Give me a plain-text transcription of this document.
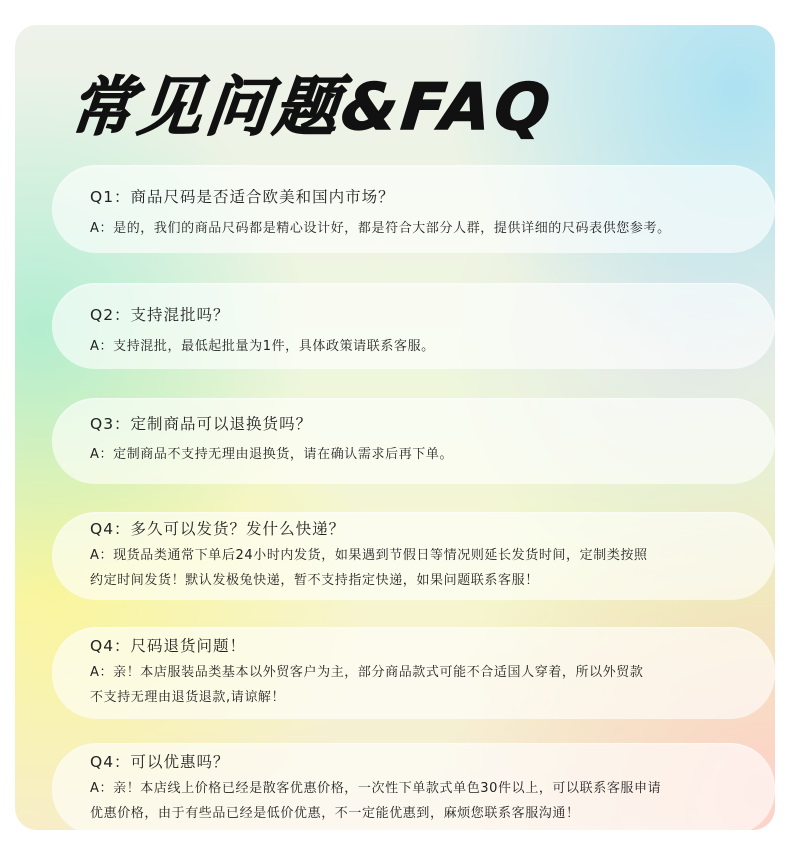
常见问题&FAQ

Q1：商品尺码是否适合欧美和国内市场？

A：是的，我们的商品尺码都是精心设计好，都是符合大部分人群，提供详细的尺码表供您参考。

Q2：支持混批吗？

A：支持混批，最低起批量为1件，具体政策请联系客服。

Q3：定制商品可以退换货吗？

A：定制商品不支持无理由退换货，请在确认需求后再下单。

Q4：多久可以发货？发什么快递？

A：现货品类通常下单后24小时内发货，如果遇到节假日等情况则延长发货时间，定制类按照

约定时间发货！默认发极兔快递，暂不支持指定快递，如果问题联系客服！

Q4：尺码退货问题！

A：亲！本店服装品类基本以外贸客户为主，部分商品款式可能不合适国人穿着，所以外贸款

不支持无理由退货退款,请谅解！

Q4：可以优惠吗？

A：亲！本店线上价格已经是散客优惠价格，一次性下单款式单色30件以上，可以联系客服申请

优惠价格，由于有些品已经是低价优惠，不一定能优惠到，麻烦您联系客服沟通！
